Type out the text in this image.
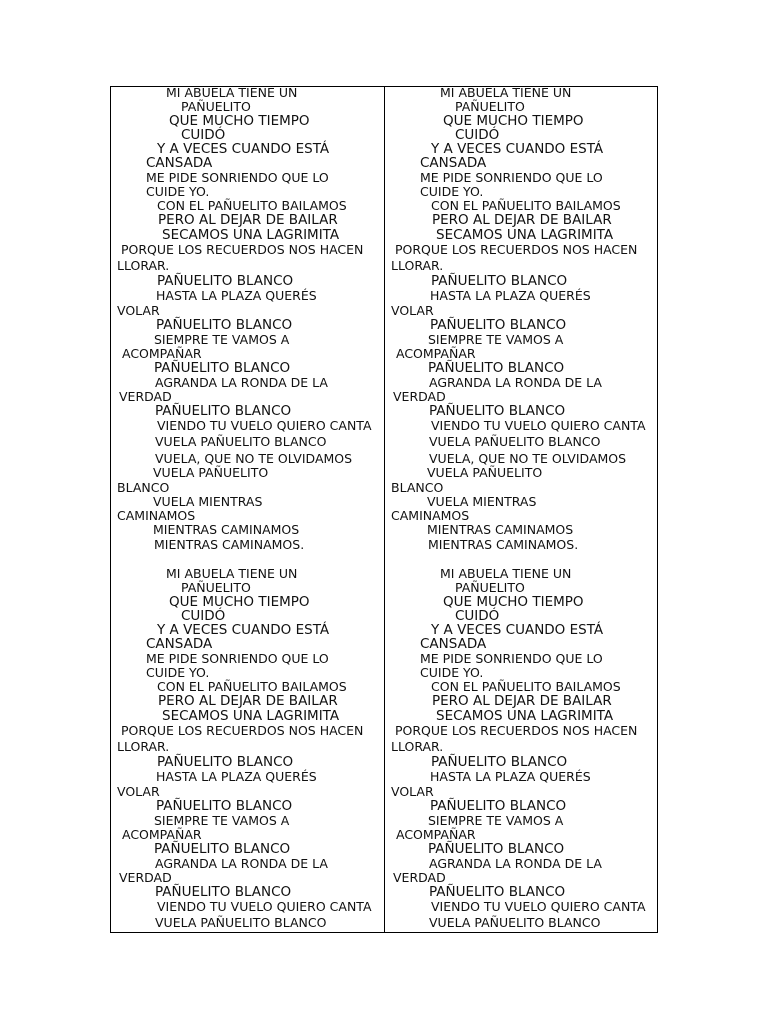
MI ABUELA TIENE UN
PAÑUELITO
QUE MUCHO TIEMPO
CUIDÓ
Y A VECES CUANDO ESTÁ
CANSADA
ME PIDE SONRIENDO QUE LO
CUIDE YO.
CON EL PAÑUELITO BAILAMOS
PERO AL DEJAR DE BAILAR
SECAMOS UNA LAGRIMITA
PORQUE LOS RECUERDOS NOS HACEN
LLORAR.
PAÑUELITO BLANCO
HASTA LA PLAZA QUERÉS
VOLAR
PAÑUELITO BLANCO
SIEMPRE TE VAMOS A
ACOMPAÑAR
PAÑUELITO BLANCO
AGRANDA LA RONDA DE LA
VERDAD
PAÑUELITO BLANCO
VIENDO TU VUELO QUIERO CANTA
VUELA PAÑUELITO BLANCO
VUELA, QUE NO TE OLVIDAMOS
VUELA PAÑUELITO
BLANCO
VUELA MIENTRAS
CAMINAMOS
MIENTRAS CAMINAMOS
MIENTRAS CAMINAMOS.
MI ABUELA TIENE UN
PAÑUELITO
QUE MUCHO TIEMPO
CUIDÓ
Y A VECES CUANDO ESTÁ
CANSADA
ME PIDE SONRIENDO QUE LO
CUIDE YO.
CON EL PAÑUELITO BAILAMOS
PERO AL DEJAR DE BAILAR
SECAMOS UNA LAGRIMITA
PORQUE LOS RECUERDOS NOS HACEN
LLORAR.
PAÑUELITO BLANCO
HASTA LA PLAZA QUERÉS
VOLAR
PAÑUELITO BLANCO
SIEMPRE TE VAMOS A
ACOMPAÑAR
PAÑUELITO BLANCO
AGRANDA LA RONDA DE LA
VERDAD
PAÑUELITO BLANCO
VIENDO TU VUELO QUIERO CANTA
VUELA PAÑUELITO BLANCO
MI ABUELA TIENE UN
PAÑUELITO
QUE MUCHO TIEMPO
CUIDÓ
Y A VECES CUANDO ESTÁ
CANSADA
ME PIDE SONRIENDO QUE LO
CUIDE YO.
CON EL PAÑUELITO BAILAMOS
PERO AL DEJAR DE BAILAR
SECAMOS UNA LAGRIMITA
PORQUE LOS RECUERDOS NOS HACEN
LLORAR.
PAÑUELITO BLANCO
HASTA LA PLAZA QUERÉS
VOLAR
PAÑUELITO BLANCO
SIEMPRE TE VAMOS A
ACOMPAÑAR
PAÑUELITO BLANCO
AGRANDA LA RONDA DE LA
VERDAD
PAÑUELITO BLANCO
VIENDO TU VUELO QUIERO CANTA
VUELA PAÑUELITO BLANCO
VUELA, QUE NO TE OLVIDAMOS
VUELA PAÑUELITO
BLANCO
VUELA MIENTRAS
CAMINAMOS
MIENTRAS CAMINAMOS
MIENTRAS CAMINAMOS.
MI ABUELA TIENE UN
PAÑUELITO
QUE MUCHO TIEMPO
CUIDÓ
Y A VECES CUANDO ESTÁ
CANSADA
ME PIDE SONRIENDO QUE LO
CUIDE YO.
CON EL PAÑUELITO BAILAMOS
PERO AL DEJAR DE BAILAR
SECAMOS UNA LAGRIMITA
PORQUE LOS RECUERDOS NOS HACEN
LLORAR.
PAÑUELITO BLANCO
HASTA LA PLAZA QUERÉS
VOLAR
PAÑUELITO BLANCO
SIEMPRE TE VAMOS A
ACOMPAÑAR
PAÑUELITO BLANCO
AGRANDA LA RONDA DE LA
VERDAD
PAÑUELITO BLANCO
VIENDO TU VUELO QUIERO CANTA
VUELA PAÑUELITO BLANCO
